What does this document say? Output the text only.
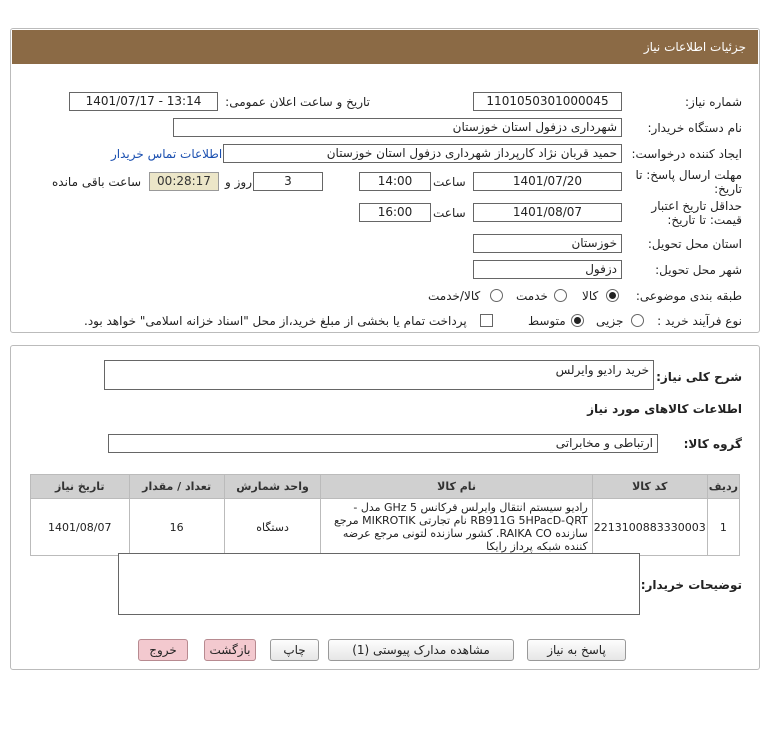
جزئیات اطلاعات نیاز
شماره نیاز:
1101050301000045
تاریخ و ساعت اعلان عمومی:
1401/07/17 - 13:14
نام دستگاه خریدار:
شهرداری دزفول استان خوزستان
ایجاد کننده درخواست:
حمید قربان نژاد کارپرداز شهرداری دزفول استان خوزستان
اطلاعات تماس خریدار
مهلت ارسال پاسخ: تا تاریخ:
1401/07/20
ساعت
14:00
3
روز و
00:28:17
ساعت باقی مانده
حداقل تاریخ اعتبار قیمت: تا تاریخ:
1401/08/07
ساعت
16:00
استان محل تحویل:
خوزستان
شهر محل تحویل:
دزفول
طبقه بندی موضوعی:
کالا
خدمت
کالا/خدمت
نوع فرآیند خرید :
جزیی
متوسط
پرداخت تمام یا بخشی از مبلغ خرید،از محل "اسناد خزانه اسلامی" خواهد بود.
شرح کلی نیاز:
خرید رادیو وایرلس
اطلاعات کالاهای مورد نیاز
گروه کالا:
ارتباطی و مخابراتی
تاریخ نیاز	تعداد / مقدار	واحد شمارش	نام کالا	کد کالا	ردیف
1401/08/07	16	دستگاه	رادیو سیستم انتقال وایرلس فرکانس GHz 5 مدل -RB911G 5HPacD-QRT نام تجارتی MIKROTIK مرجع سازنده RAIKA CO. کشور سازنده لتونی مرجع عرضه کننده شبکه پرداز رایکا	2213100883330003	1
توضیحات خریدار:
پاسخ به نیاز
مشاهده مدارک پیوستی (1)
چاپ
بازگشت
خروج
